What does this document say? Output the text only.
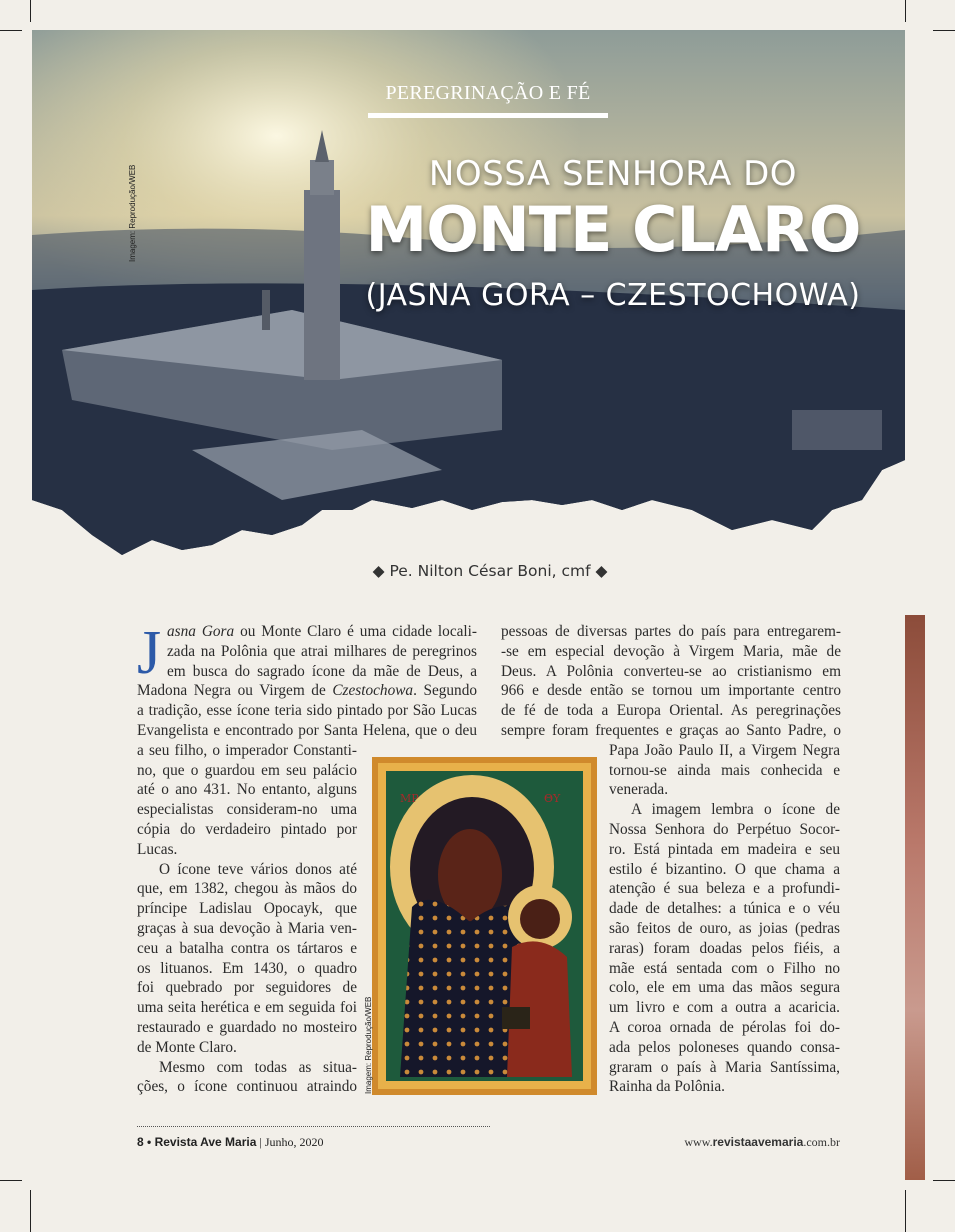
PEREGRINAÇÃO E FÉ
NOSSA SENHORA DO
MONTE CLARO
(JASNA GORA – CZESTOCHOWA)
Imagem: Reprodução/WEB
◆ Pe. Nilton César Boni, cmf ◆
J asna Gora ou Monte Claro é uma cidade locali-
zada na Polônia que atrai milhares de peregrinos
em busca do sagrado ícone da mãe de Deus, a
Madona Negra ou Virgem de Czestochowa. Segundo
a tradição, esse ícone teria sido pintado por São Lucas
Evangelista e encontrado por Santa Helena, que o deu
a seu filho, o imperador Constanti-
no, que o guardou em seu palácio
até o ano 431. No entanto, alguns
especialistas consideram-no uma
cópia do verdadeiro pintado por
Lucas.
O ícone teve vários donos até
que, em 1382, chegou às mãos do
príncipe Ladislau Opocayk, que
graças à sua devoção à Maria ven-
ceu a batalha contra os tártaros e
os lituanos. Em 1430, o quadro
foi quebrado por seguidores de
uma seita herética e em seguida foi
restaurado e guardado no mosteiro
de Monte Claro.
Mesmo com todas as situa-
ções, o ícone continuou atraindo
pessoas de diversas partes do país para entregarem-
-se em especial devoção à Virgem Maria, mãe de
Deus. A Polônia converteu-se ao cristianismo em
966 e desde então se tornou um importante centro
de fé de toda a Europa Oriental. As peregrinações
sempre foram frequentes e graças ao Santo Padre, o
Papa João Paulo II, a Virgem Negra
tornou-se ainda mais conhecida e
venerada.
A imagem lembra o ícone de
Nossa Senhora do Perpétuo Socor-
ro. Está pintada em madeira e seu
estilo é bizantino. O que chama a
atenção é sua beleza e a profundi-
dade de detalhes: a túnica e o véu
são feitos de ouro, as joias (pedras
raras) foram doadas pelos fiéis, a
mãe está sentada com o Filho no
colo, ele em uma das mãos segura
um livro e com a outra a acaricia.
A coroa ornada de pérolas foi do-
ada pelos poloneses quando consa-
graram o país à Maria Santíssima,
Rainha da Polônia.
MP	ΘΥ
Imagem: Reprodução/WEB
8 • Revista Ave Maria | Junho, 2020	www.revistaavemaria.com.br
